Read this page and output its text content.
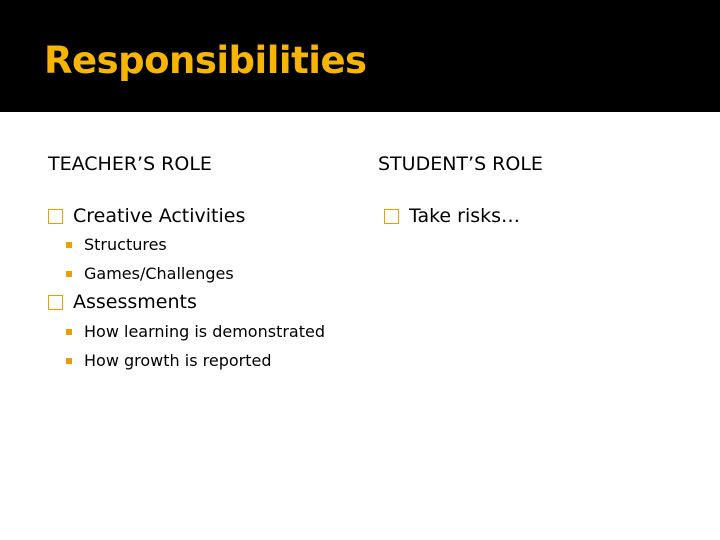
Responsibilities
TEACHER’S ROLE
Creative Activities
Structures
Games/Challenges
Assessments
How learning is demonstrated
How growth is reported
STUDENT’S ROLE
Take risks…
